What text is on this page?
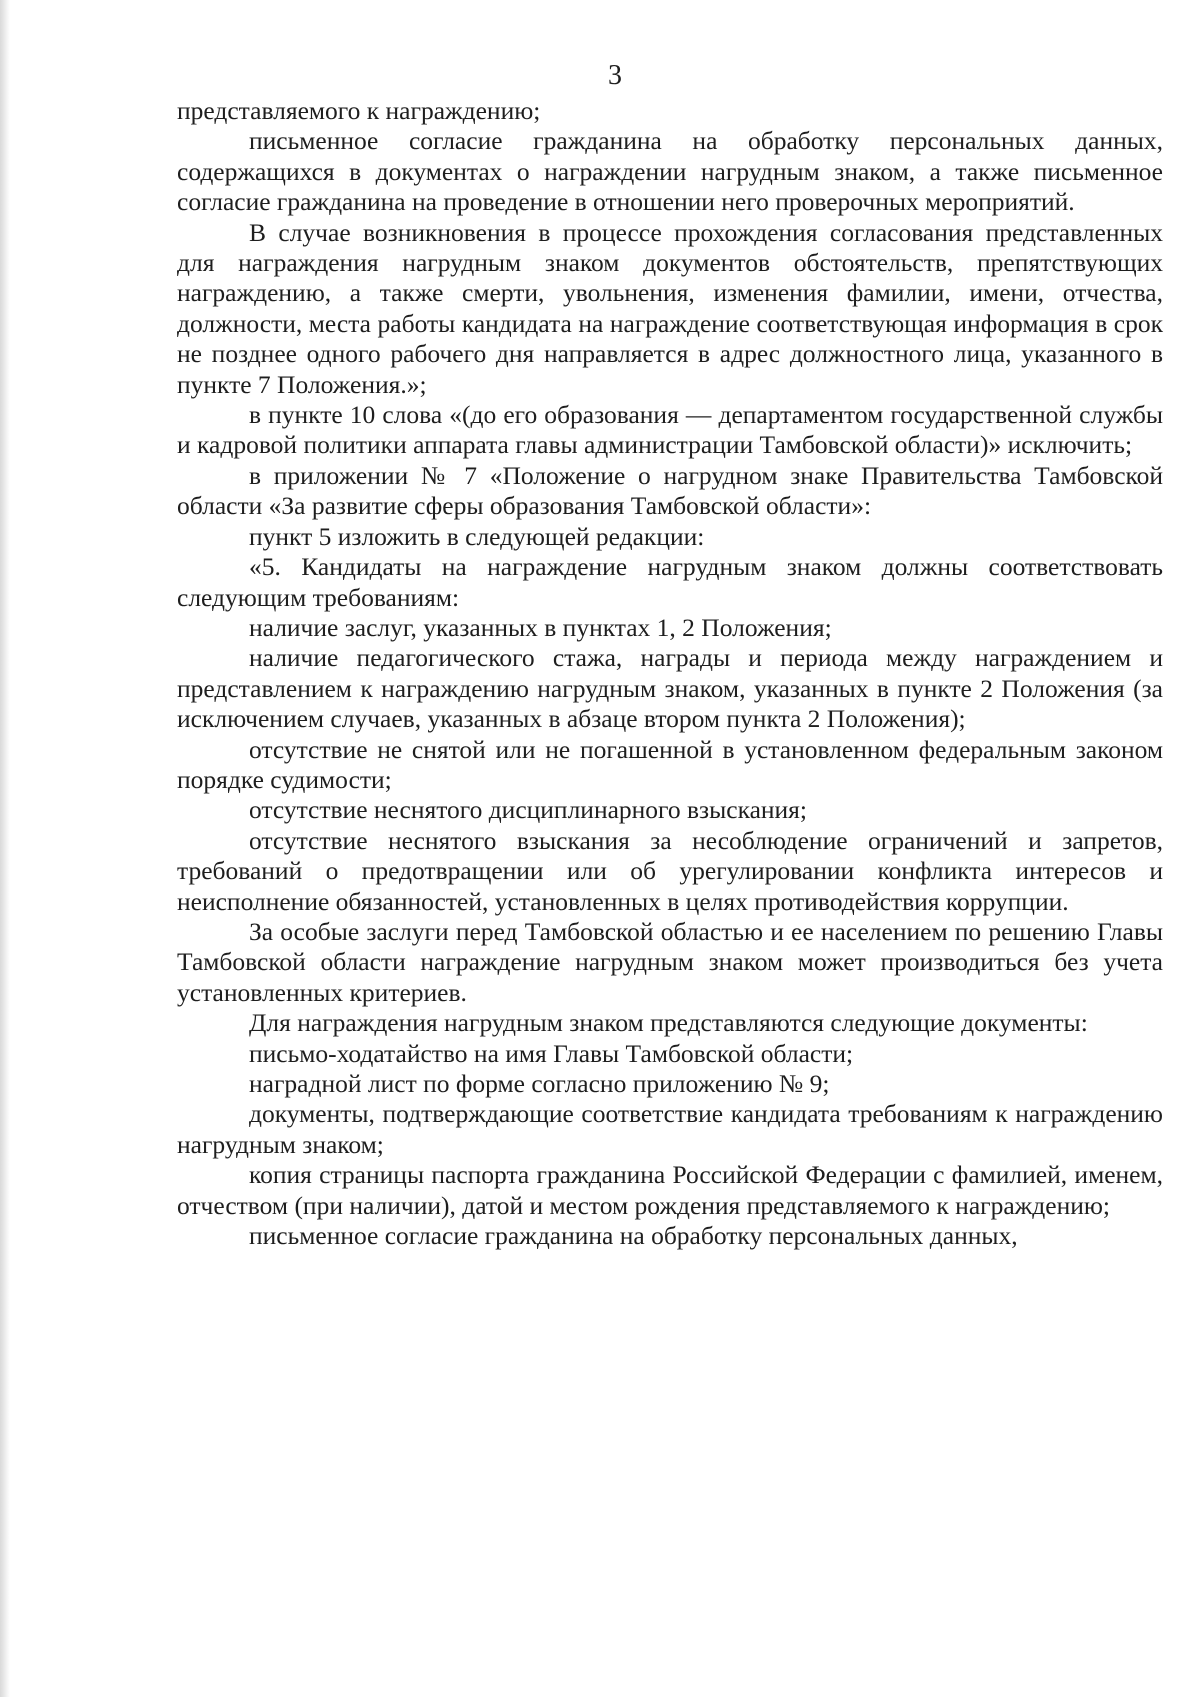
3

представляемого к награждению;

письменное согласие гражданина на обработку персональных данных, содержащихся в документах о награждении нагрудным знаком, а также письменное согласие гражданина на проведение в отношении него проверочных мероприятий.

В случае возникновения в процессе прохождения согласования представленных для награждения нагрудным знаком документов обстоятельств, препятствующих награждению, а также смерти, увольнения, изменения фамилии, имени, отчества, должности, места работы кандидата на награждение соответствующая информация в срок не позднее одного рабочего дня направляется в адрес должностного лица, указанного в пункте 7 Положения.»;

в пункте 10 слова «(до его образования — департаментом государственной службы и кадровой политики аппарата главы администрации Тамбовской области)» исключить;

в приложении № 7 «Положение о нагрудном знаке Правительства Тамбовской области «За развитие сферы образования Тамбовской области»:

пункт 5 изложить в следующей редакции:

«5. Кандидаты на награждение нагрудным знаком должны соответствовать следующим требованиям:

наличие заслуг, указанных в пунктах 1, 2 Положения;

наличие педагогического стажа, награды и периода между награждением и представлением к награждению нагрудным знаком, указанных в пункте 2 Положения (за исключением случаев, указанных в абзаце втором пункта 2 Положения);

отсутствие не снятой или не погашенной в установленном федеральным законом порядке судимости;

отсутствие неснятого дисциплинарного взыскания;

отсутствие неснятого взыскания за несоблюдение ограничений и запретов, требований о предотвращении или об урегулировании конфликта интересов и неисполнение обязанностей, установленных в целях противодействия коррупции.

За особые заслуги перед Тамбовской областью и ее населением по решению Главы Тамбовской области награждение нагрудным знаком может производиться без учета установленных критериев.

Для награждения нагрудным знаком представляются следующие документы:

письмо-ходатайство на имя Главы Тамбовской области;

наградной лист по форме согласно приложению № 9;

документы, подтверждающие соответствие кандидата требованиям к награждению нагрудным знаком;

копия страницы паспорта гражданина Российской Федерации с фамилией, именем, отчеством (при наличии), датой и местом рождения представляемого к награждению;

письменное согласие гражданина на обработку персональных данных,
